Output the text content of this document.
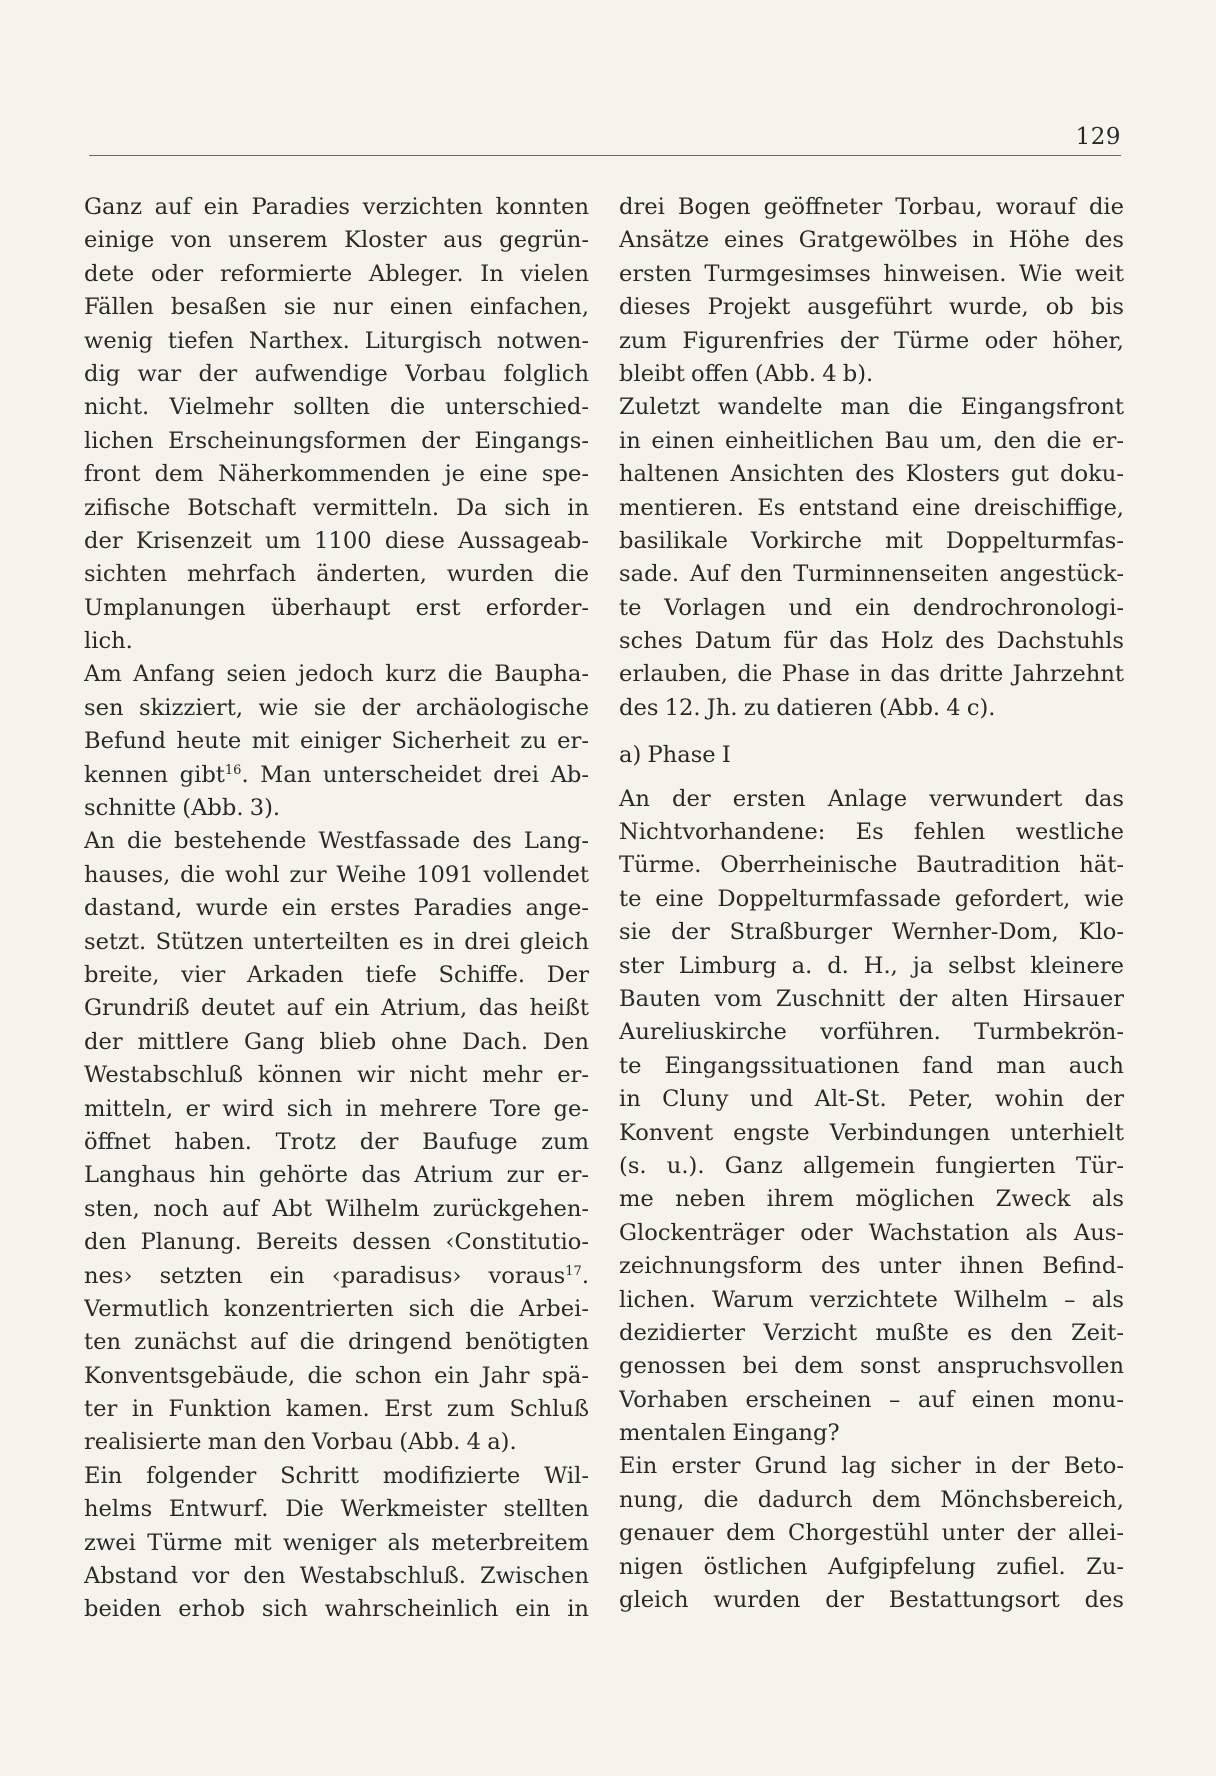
129
Ganz auf ein Paradies verzichten konnten
einige von unserem Kloster aus gegrün-
dete oder reformierte Ableger. In vielen
Fällen besaßen sie nur einen einfachen,
wenig tiefen Narthex. Liturgisch notwen-
dig war der aufwendige Vorbau folglich
nicht. Vielmehr sollten die unterschied-
lichen Erscheinungsformen der Eingangs-
front dem Näherkommenden je eine spe-
zifische Botschaft vermitteln. Da sich in
der Krisenzeit um 1100 diese Aussageab-
sichten mehrfach änderten, wurden die
Umplanungen überhaupt erst erforder-
lich.
Am Anfang seien jedoch kurz die Baupha-
sen skizziert, wie sie der archäologische
Befund heute mit einiger Sicherheit zu er-
kennen gibt$^{16}$. Man unterscheidet drei Ab-
schnitte (Abb. 3).
An die bestehende Westfassade des Lang-
hauses, die wohl zur Weihe 1091 vollendet
dastand, wurde ein erstes Paradies ange-
setzt. Stützen unterteilten es in drei gleich
breite, vier Arkaden tiefe Schiffe. Der
Grundriß deutet auf ein Atrium, das heißt
der mittlere Gang blieb ohne Dach. Den
Westabschluß können wir nicht mehr er-
mitteln, er wird sich in mehrere Tore ge-
öffnet haben. Trotz der Baufuge zum
Langhaus hin gehörte das Atrium zur er-
sten, noch auf Abt Wilhelm zurückgehen-
den Planung. Bereits dessen ‹Constitutio-
nes› setzten ein ‹paradisus› voraus$^{17}$.
Vermutlich konzentrierten sich die Arbei-
ten zunächst auf die dringend benötigten
Konventsgebäude, die schon ein Jahr spä-
ter in Funktion kamen. Erst zum Schluß
realisierte man den Vorbau (Abb. 4 a).
Ein folgender Schritt modifizierte Wil-
helms Entwurf. Die Werkmeister stellten
zwei Türme mit weniger als meterbreitem
Abstand vor den Westabschluß. Zwischen
beiden erhob sich wahrscheinlich ein in
drei Bogen geöffneter Torbau, worauf die
Ansätze eines Gratgewölbes in Höhe des
ersten Turmgesimses hinweisen. Wie weit
dieses Projekt ausgeführt wurde, ob bis
zum Figurenfries der Türme oder höher,
bleibt offen (Abb. 4 b).
Zuletzt wandelte man die Eingangsfront
in einen einheitlichen Bau um, den die er-
haltenen Ansichten des Klosters gut doku-
mentieren. Es entstand eine dreischiffige,
basilikale Vorkirche mit Doppelturmfas-
sade. Auf den Turminnenseiten angestück-
te Vorlagen und ein dendrochronologi-
sches Datum für das Holz des Dachstuhls
erlauben, die Phase in das dritte Jahrzehnt
des 12. Jh. zu datieren (Abb. 4 c).
a) Phase I
An der ersten Anlage verwundert das
Nichtvorhandene: Es fehlen westliche
Türme. Oberrheinische Bautradition hät-
te eine Doppelturmfassade gefordert, wie
sie der Straßburger Wernher-Dom, Klo-
ster Limburg a. d. H., ja selbst kleinere
Bauten vom Zuschnitt der alten Hirsauer
Aureliuskirche vorführen. Turmbekrön-
te Eingangssituationen fand man auch
in Cluny und Alt-St. Peter, wohin der
Konvent engste Verbindungen unterhielt
(s. u.). Ganz allgemein fungierten Tür-
me neben ihrem möglichen Zweck als
Glockenträger oder Wachstation als Aus-
zeichnungsform des unter ihnen Befind-
lichen. Warum verzichtete Wilhelm – als
dezidierter Verzicht mußte es den Zeit-
genossen bei dem sonst anspruchsvollen
Vorhaben erscheinen – auf einen monu-
mentalen Eingang?
Ein erster Grund lag sicher in der Beto-
nung, die dadurch dem Mönchsbereich,
genauer dem Chorgestühl unter der allei-
nigen östlichen Aufgipfelung zufiel. Zu-
gleich wurden der Bestattungsort des
